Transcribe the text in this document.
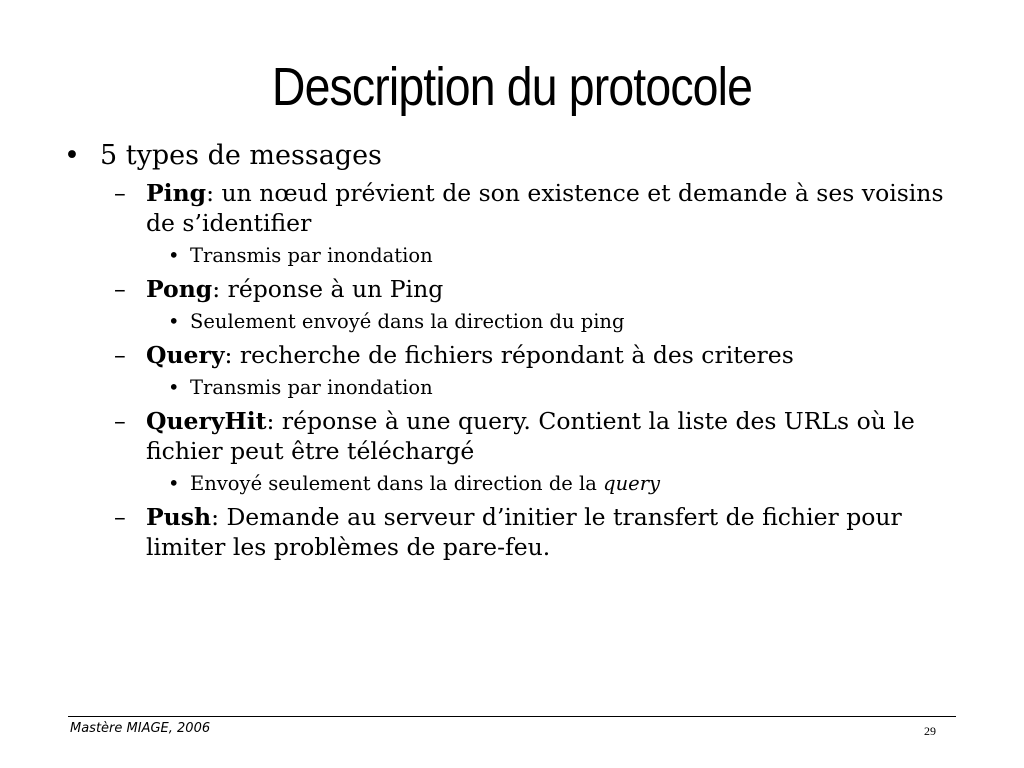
Description du protocole
• 5 types de messages
– Ping: un nœud prévient de son existence et demande à ses voisins de s’identifier
• Transmis par inondation
– Pong: réponse à un Ping
• Seulement envoyé dans la direction du ping
– Query: recherche de fichiers répondant à des criteres
• Transmis par inondation
– QueryHit: réponse à une query. Contient la liste des URLs où le fichier peut être téléchargé
• Envoyé seulement dans la direction de la query
– Push: Demande au serveur d’initier le transfert de fichier pour limiter les problèmes de pare-feu.
Mastère MIAGE, 2006	29
